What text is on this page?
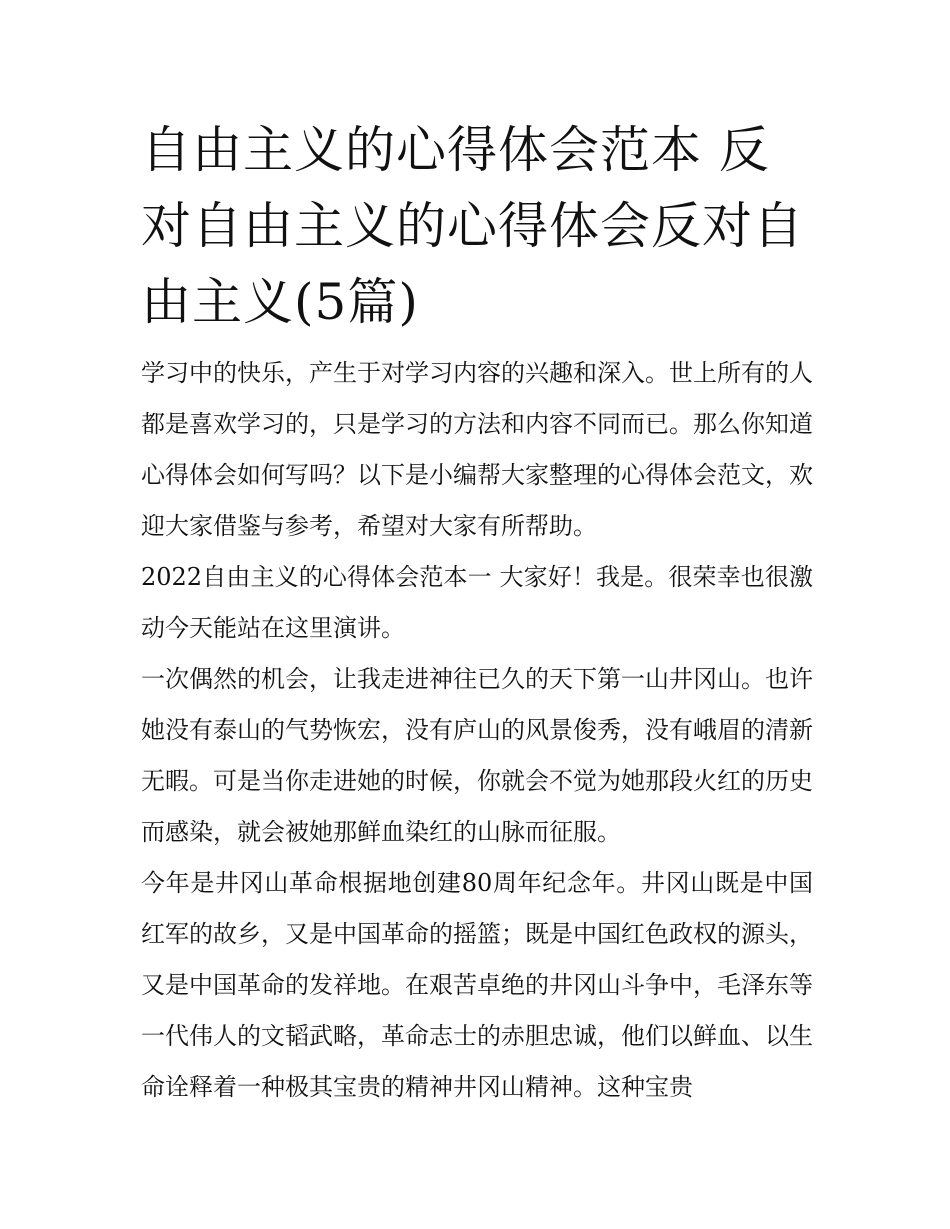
自由主义的心得体会范本 反对自由主义的心得体会反对自由主义(5篇)

学习中的快乐，产生于对学习内容的兴趣和深入。世上所有的人都是喜欢学习的，只是学习的方法和内容不同而已。那么你知道心得体会如何写吗？以下是小编帮大家整理的心得体会范文，欢迎大家借鉴与参考，希望对大家有所帮助。

2022自由主义的心得体会范本一 大家好！我是。很荣幸也很激动今天能站在这里演讲。

一次偶然的机会，让我走进神往已久的天下第一山井冈山。也许她没有泰山的气势恢宏，没有庐山的风景俊秀，没有峨眉的清新无暇。可是当你走进她的时候，你就会不觉为她那段火红的历史而感染，就会被她那鲜血染红的山脉而征服。

今年是井冈山革命根据地创建80周年纪念年。井冈山既是中国红军的故乡，又是中国革命的摇篮；既是中国红色政权的源头，又是中国革命的发祥地。在艰苦卓绝的井冈山斗争中，毛泽东等一代伟人的文韬武略，革命志士的赤胆忠诚，他们以鲜血、以生命诠释着一种极其宝贵的精神井冈山精神。这种宝贵
